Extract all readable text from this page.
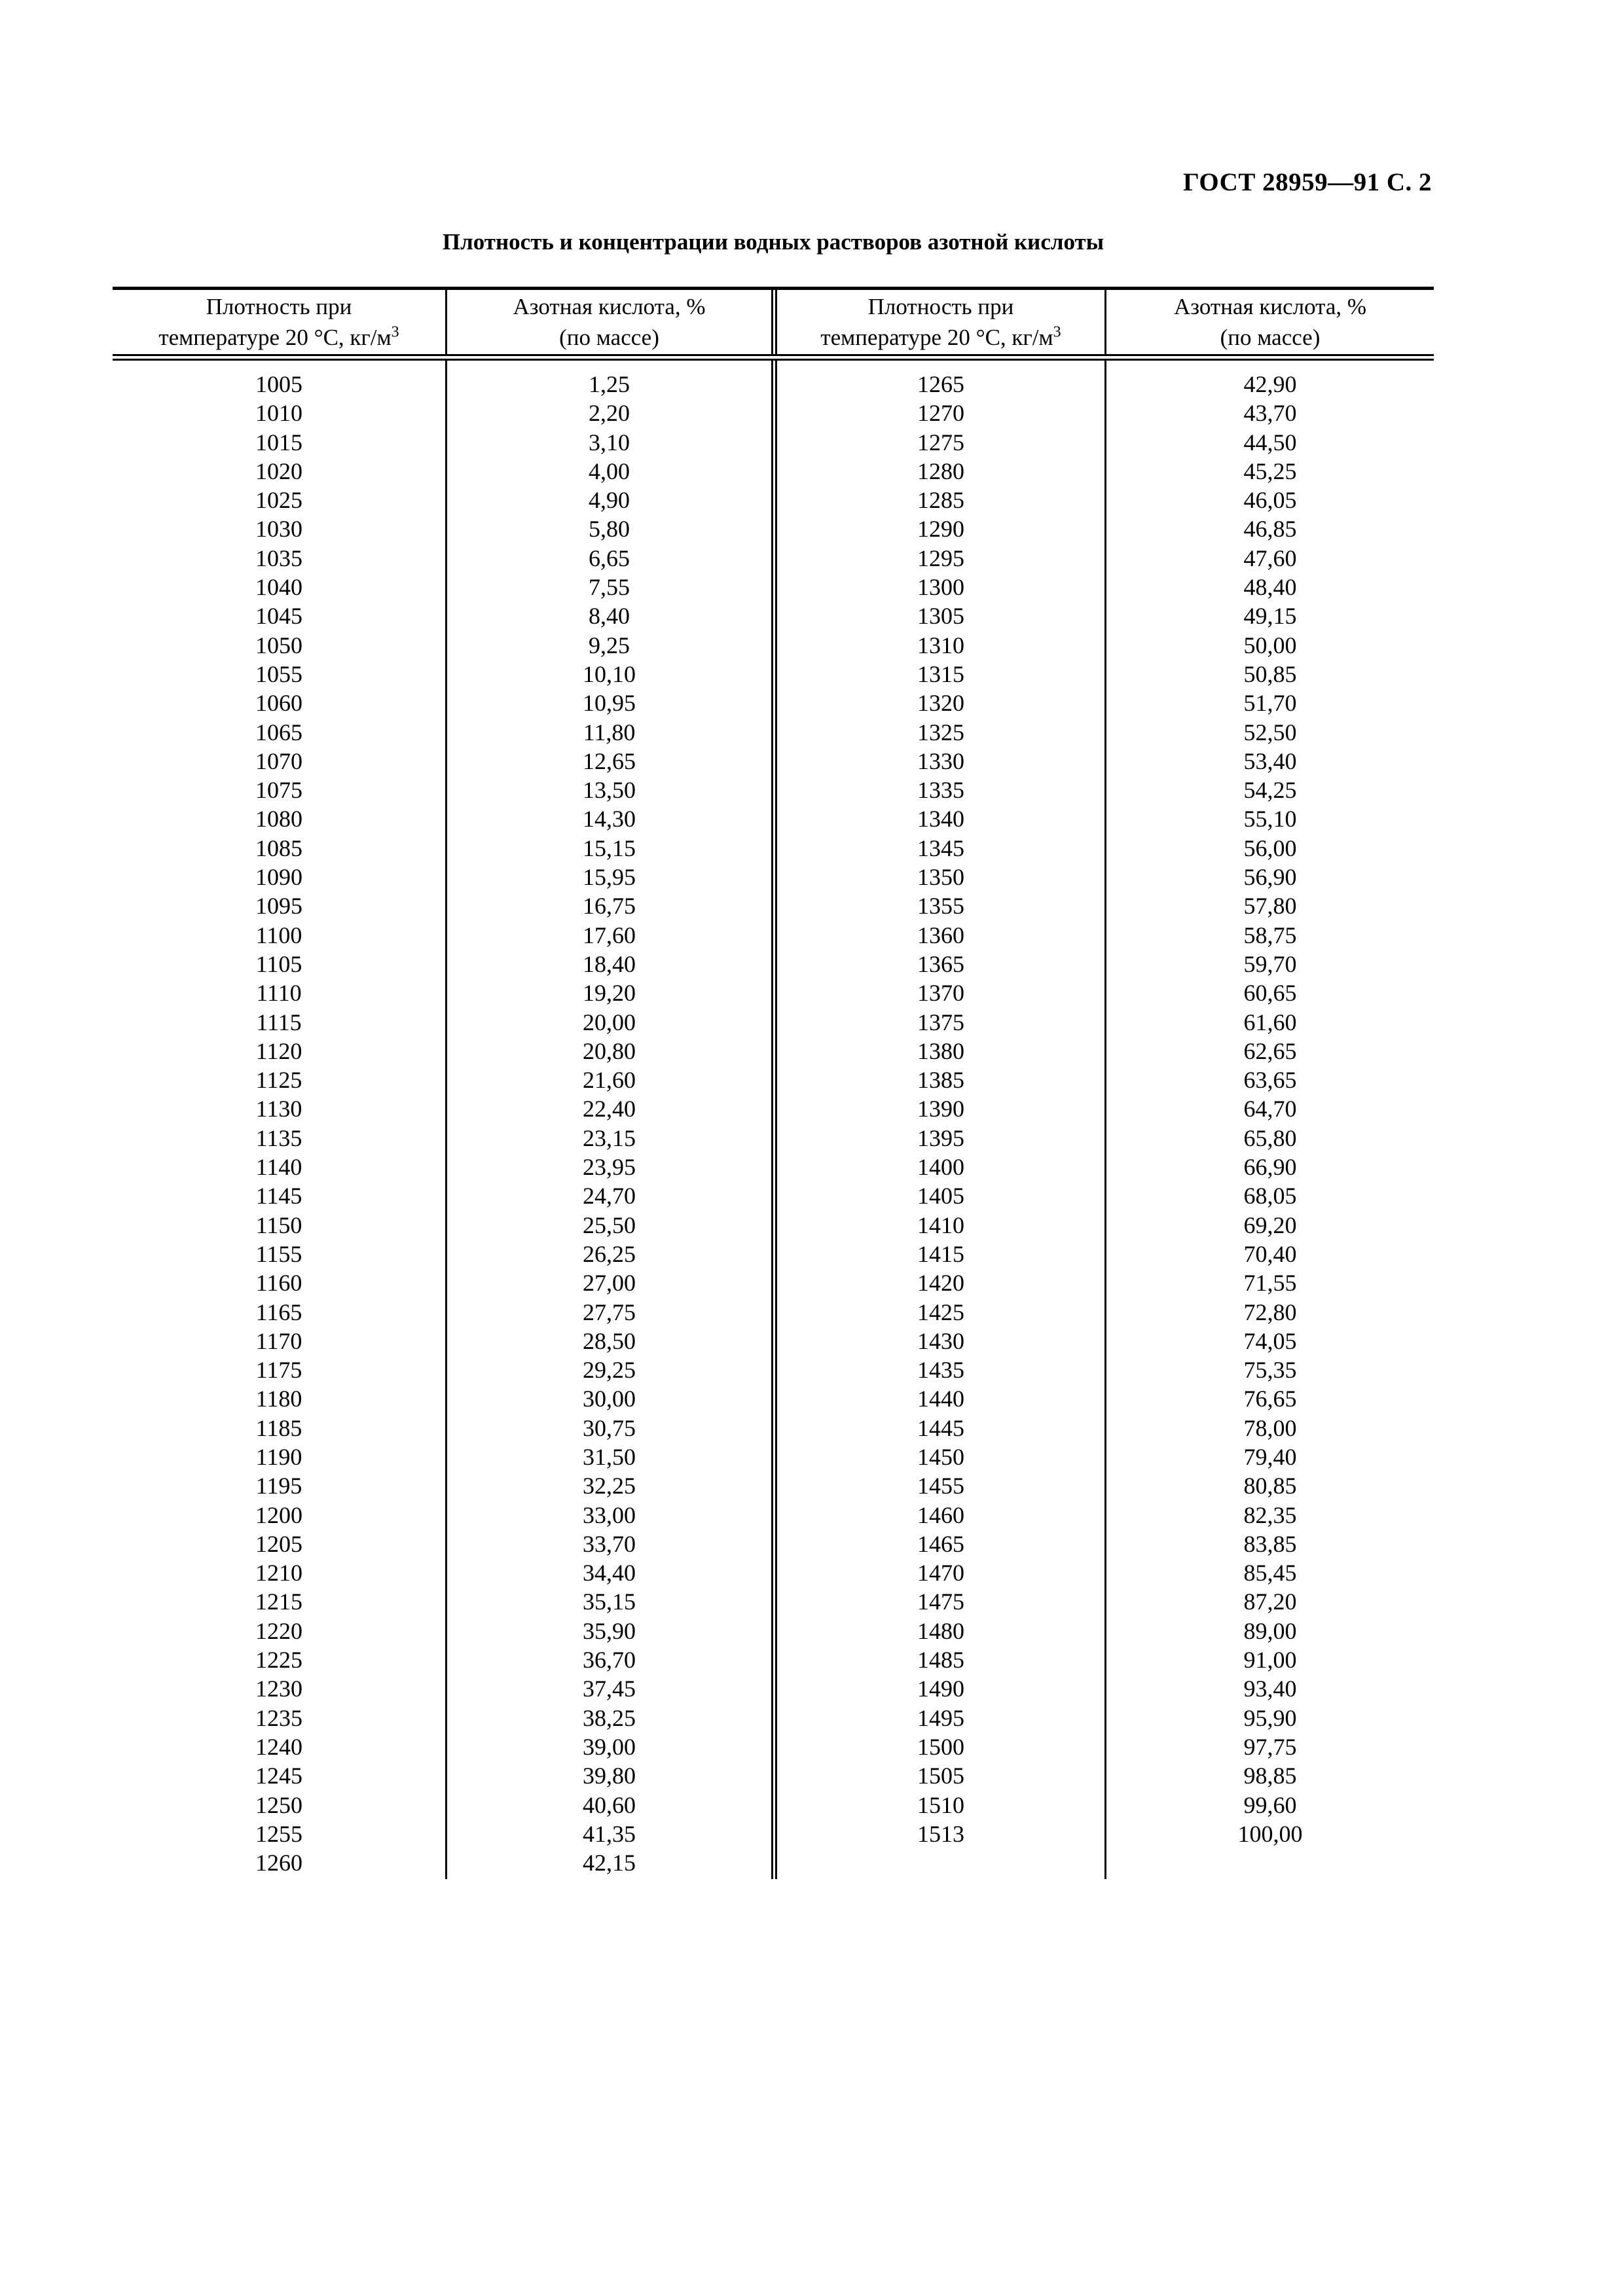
ГОСТ 28959—91 С. 2
Плотность и концентрации водных растворов азотной кислоты
Плотность при
температуре 20 °С, $кг/м^3$
Азотная кислота, %
(по массе)
Плотность при
температуре 20 °С, $кг/м^3$
Азотная кислота, %
(по массе)
1005
1010
1015
1020
1025
1030
1035
1040
1045
1050
1055
1060
1065
1070
1075
1080
1085
1090
1095
1100
1105
1110
1115
1120
1125
1130
1135
1140
1145
1150
1155
1160
1165
1170
1175
1180
1185
1190
1195
1200
1205
1210
1215
1220
1225
1230
1235
1240
1245
1250
1255
1260
1,25
2,20
3,10
4,00
4,90
5,80
6,65
7,55
8,40
9,25
10,10
10,95
11,80
12,65
13,50
14,30
15,15
15,95
16,75
17,60
18,40
19,20
20,00
20,80
21,60
22,40
23,15
23,95
24,70
25,50
26,25
27,00
27,75
28,50
29,25
30,00
30,75
31,50
32,25
33,00
33,70
34,40
35,15
35,90
36,70
37,45
38,25
39,00
39,80
40,60
41,35
42,15
1265
1270
1275
1280
1285
1290
1295
1300
1305
1310
1315
1320
1325
1330
1335
1340
1345
1350
1355
1360
1365
1370
1375
1380
1385
1390
1395
1400
1405
1410
1415
1420
1425
1430
1435
1440
1445
1450
1455
1460
1465
1470
1475
1480
1485
1490
1495
1500
1505
1510
1513
42,90
43,70
44,50
45,25
46,05
46,85
47,60
48,40
49,15
50,00
50,85
51,70
52,50
53,40
54,25
55,10
56,00
56,90
57,80
58,75
59,70
60,65
61,60
62,65
63,65
64,70
65,80
66,90
68,05
69,20
70,40
71,55
72,80
74,05
75,35
76,65
78,00
79,40
80,85
82,35
83,85
85,45
87,20
89,00
91,00
93,40
95,90
97,75
98,85
99,60
100,00
